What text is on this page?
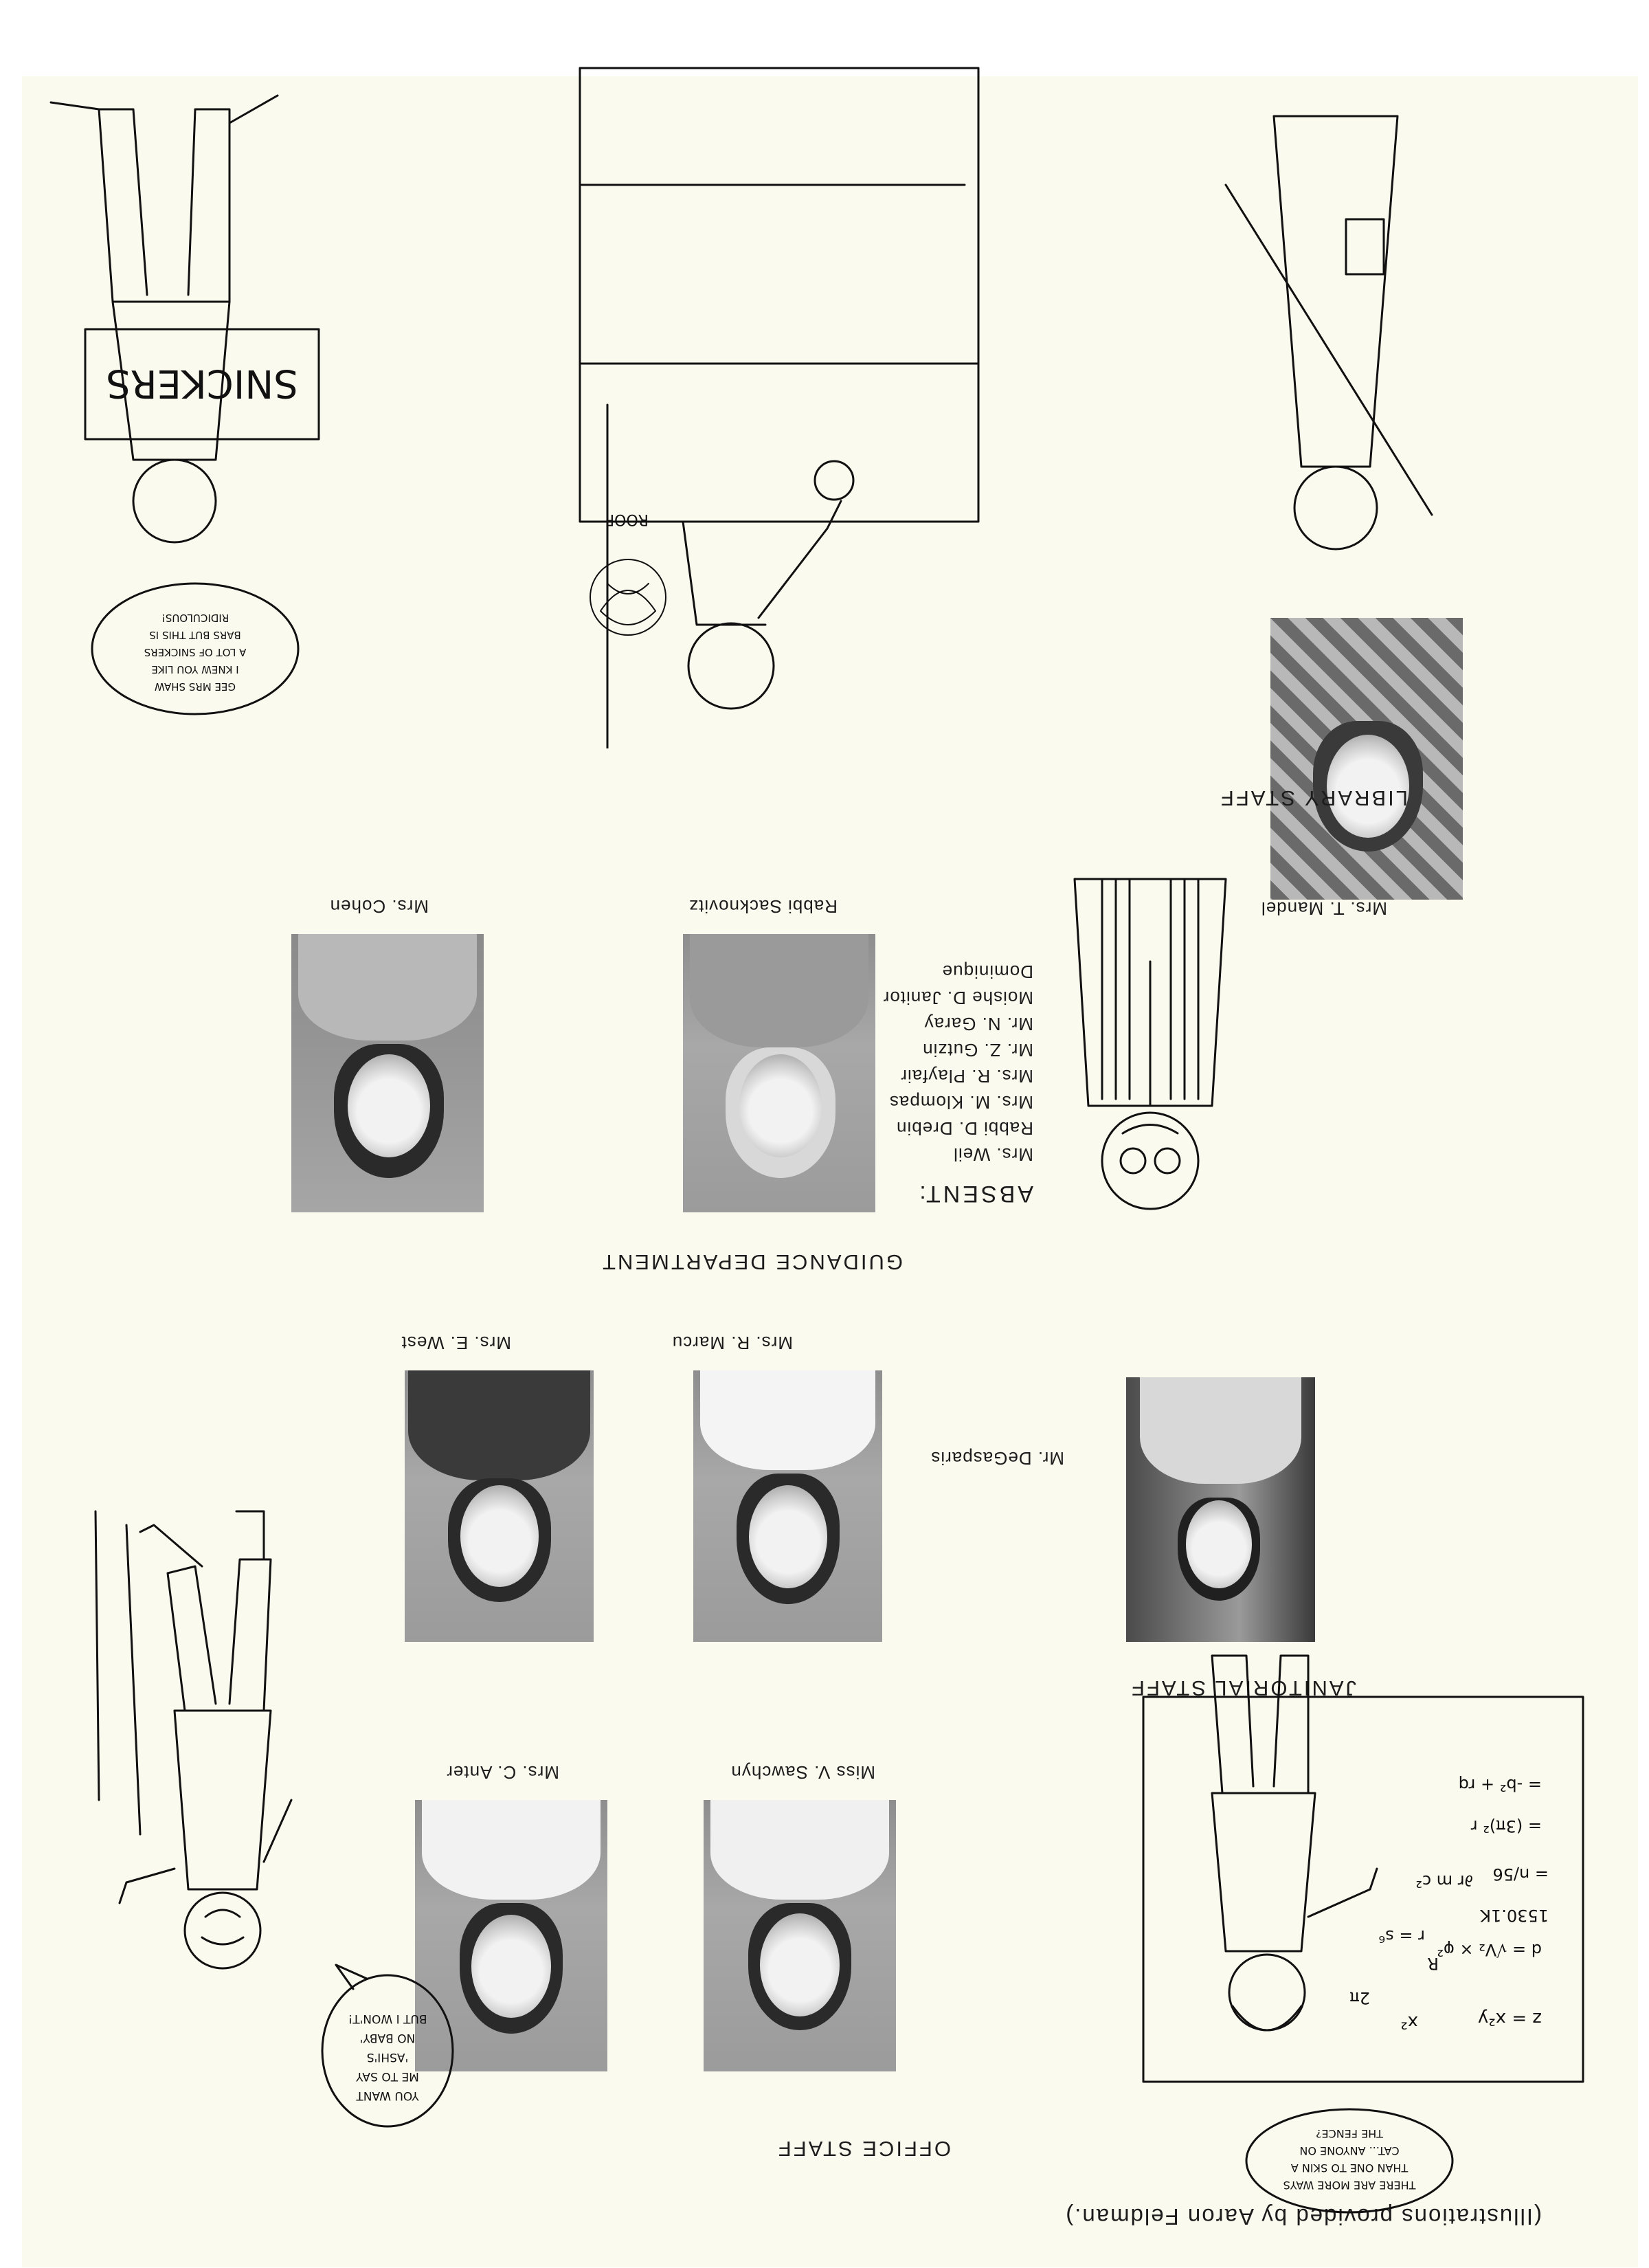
(Illustrations provided by Aaron Feldman.)
OFFICE STAFF
Miss V. Sawchyn
Mrs. C. Anter
JANITORIAL STAFF
Mr. DeGasparis
Mrs. R. Marcu
Mrs. E. West
GUIDANCE DEPARTMENT
Rabbi Sacknovitz
Mrs. Cohen
ABSENT:
Mrs. Weil
Rabbi D. Drebin
Mrs. M. Klompas
Mrs. R. Playfair
Mr. Z. Gutzin
Mr. N. Garay
Moishe D. Janitor
Dominique
Mrs. T. Mandel
LIBRARY STAFF
YOU WANT
ME TO SAY
'ASHI'S
NO BABY'
BUT I WON'T!	z = x²y
x²
d = √V₂ × φ²
r = s⁶
∂r m c² = n/56
1530.1K
= (3π)² r
= -b² + rq
R
2π
THERE ARE MORE WAYS
THAN ONE TO SKIN A
CAT... ANYONE ON
THE FENCE?
SNICKERS
GEE MRS SHAW
I KNEW YOU LIKE
A LOT OF SNICKERS
BARS BUT THIS IS
RIDICULOUS!
ROOF
